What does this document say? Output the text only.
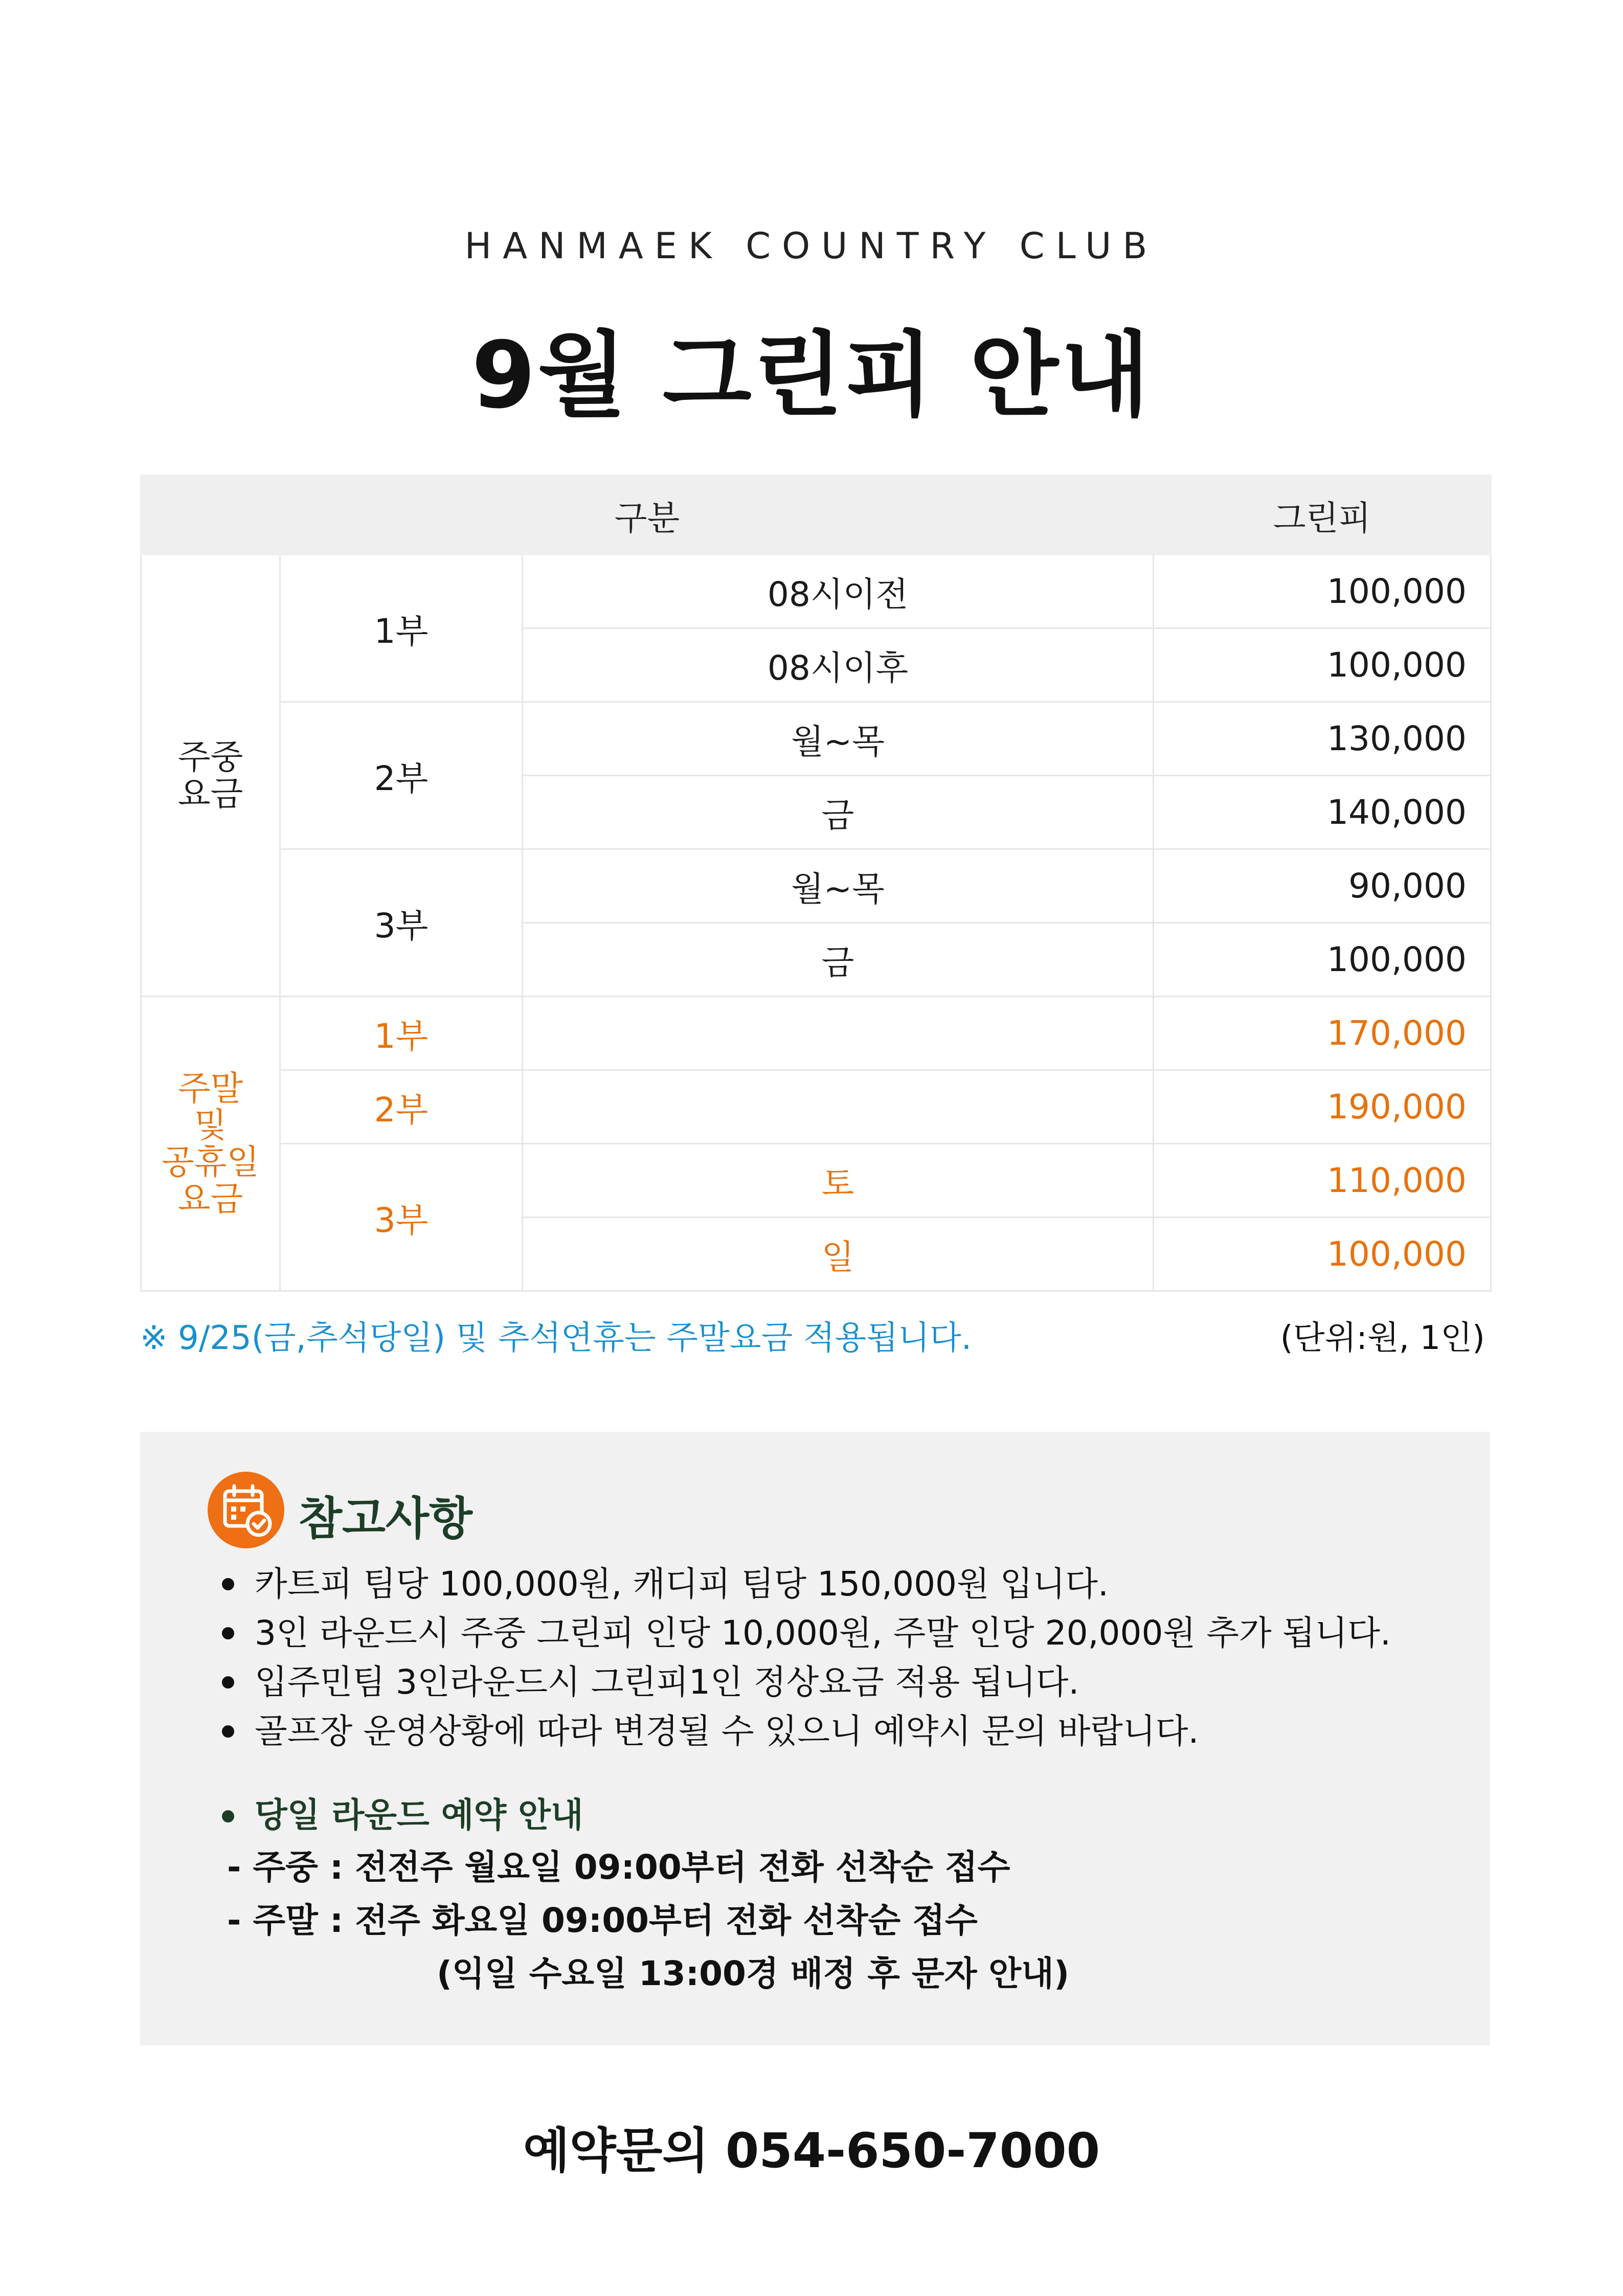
HANMAEK COUNTRY CLUB
9월 그린피 안내
구분			그린피

주중
요금	1부	08시이전	100,000
		08시이후	100,000
	2부	월~목	130,000
		금	140,000
	3부	월~목	90,000
		금	100,000

주말
및
공휴일
요금	1부		170,000
	2부		190,000
	3부	토	110,000
		일	100,000
※ 9/25(금,추석당일) 및 추석연휴는 주말요금 적용됩니다.	(단위:원, 1인)
참고사항
카트피 팀당 100,000원, 캐디피 팀당 150,000원 입니다.
3인 라운드시 주중 그린피 인당 10,000원, 주말 인당 20,000원 추가 됩니다.
입주민팀 3인라운드시 그린피1인 정상요금 적용 됩니다.
골프장 운영상황에 따라 변경될 수 있으니 예약시 문의 바랍니다.
당일 라운드 예약 안내
- 주중 : 전전주 월요일 09:00부터 전화 선착순 접수
- 주말 : 전주 화요일 09:00부터 전화 선착순 접수
(익일 수요일 13:00경 배정 후 문자 안내)
예약문의 054-650-7000
